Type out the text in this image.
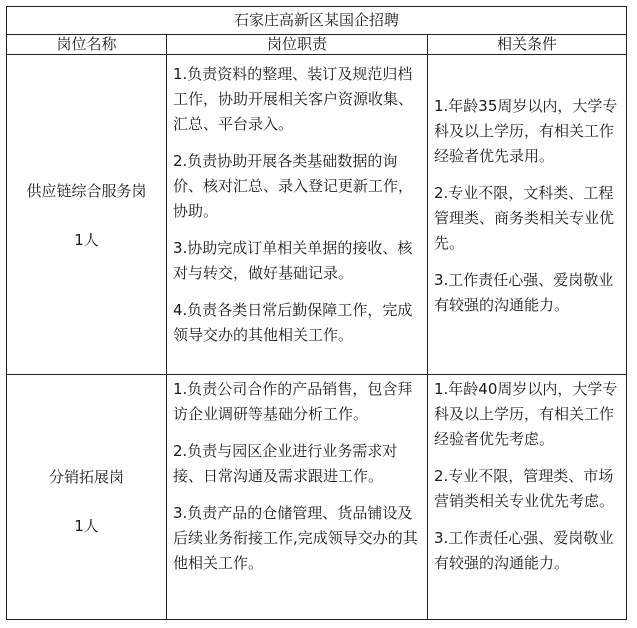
石家庄高新区某国企招聘
岗位名称	岗位职责	相关条件
供应链综合服务岗
1人

1.负责资料的整理、装订及规范归档工作，协助开展相关客户资源收集、汇总、平台录入。

2.负责协助开展各类基础数据的询价、核对汇总、录入登记更新工作，协助。

3.协助完成订单相关单据的接收、核对与转交，做好基础记录。

4.负责各类日常后勤保障工作，完成领导交办的其他相关工作。

1.年龄35周岁以内，大学专科及以上学历，有相关工作经验者优先录用。

2.专业不限，文科类、工程管理类、商务类相关专业优先。

3.工作责任心强、爱岗敬业有较强的沟通能力。

分销拓展岗
1人

1.负责公司合作的产品销售，包含拜访企业调研等基础分析工作。

2.负责与园区企业进行业务需求对接、日常沟通及需求跟进工作。

3.负责产品的仓储管理、货品铺设及后续业务衔接工作,完成领导交办的其他相关工作。

1.年龄40周岁以内，大学专科及以上学历，有相关工作经验者优先考虑。

2.专业不限，管理类、市场营销类相关专业优先考虑。

3.工作责任心强、爱岗敬业有较强的沟通能力。
